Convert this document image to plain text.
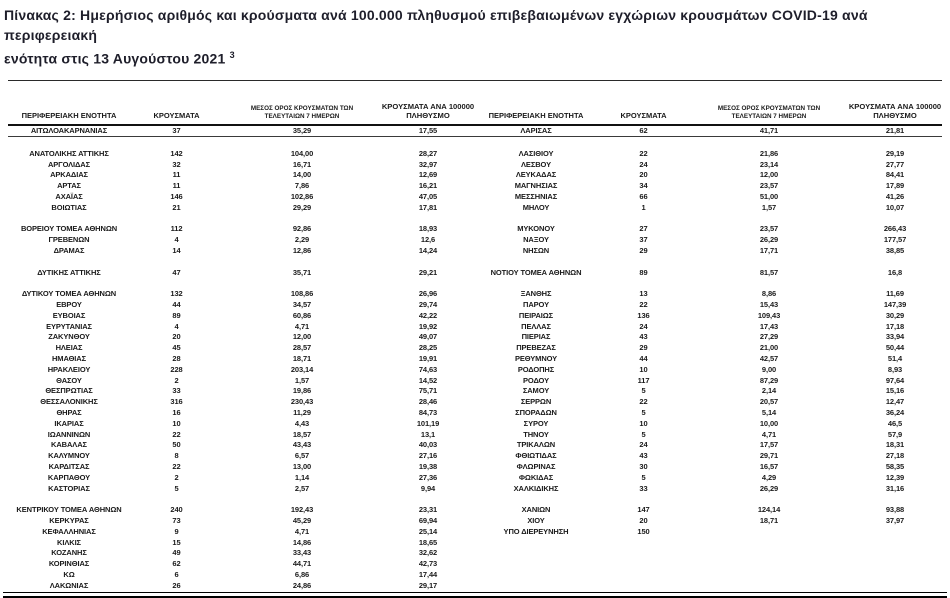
Πίνακας 2: Ημερήσιος αριθμός και κρούσματα ανά 100.000 πληθυσμού επιβεβαιωμένων εγχώριων κρουσμάτων COVID-19 ανά περιφερειακή
ενότητα στις 13 Αυγούστου 2021 $^3$
ΠΕΡΙΦΕΡΕΙΑΚΗ ΕΝΟΤΗΤΑ	ΚΡΟΥΣΜΑΤΑ	ΜΕΣΟΣ ΟΡΟΣ ΚΡΟΥΣΜΑΤΩΝ ΤΩΝ ΤΕΛΕΥΤΑΙΩΝ 7 ΗΜΕΡΩΝ	ΚΡΟΥΣΜΑΤΑ ΑΝΑ 100000 ΠΛΗΘΥΣΜΟ	ΠΕΡΙΦΕΡΕΙΑΚΗ ΕΝΟΤΗΤΑ	ΚΡΟΥΣΜΑΤΑ	ΜΕΣΟΣ ΟΡΟΣ ΚΡΟΥΣΜΑΤΩΝ ΤΩΝ ΤΕΛΕΥΤΑΙΩΝ 7 ΗΜΕΡΩΝ	ΚΡΟΥΣΜΑΤΑ ΑΝΑ 100000 ΠΛΗΘΥΣΜΟ

ΑΙΤΩΛΟΑΚΑΡΝΑΝΙΑΣ	37	35,29	17,55	ΛΑΡΙΣΑΣ	62	41,71	21,81

ΑΝΑΤΟΛΙΚΗΣ ΑΤΤΙΚΗΣ	142	104,00	28,27	ΛΑΣΙΘΙΟΥ	22	21,86	29,19
ΑΡΓΟΛΙΔΑΣ	32	16,71	32,97	ΛΕΣΒΟΥ	24	23,14	27,77
ΑΡΚΑΔΙΑΣ	11	14,00	12,69	ΛΕΥΚΑΔΑΣ	20	12,00	84,41
ΑΡΤΑΣ	11	7,86	16,21	ΜΑΓΝΗΣΙΑΣ	34	23,57	17,89
ΑΧΑΪΑΣ	146	102,86	47,05	ΜΕΣΣΗΝΙΑΣ	66	51,00	41,26
ΒΟΙΩΤΙΑΣ	21	29,29	17,81	ΜΗΛΟΥ	1	1,57	10,07

ΒΟΡΕΙΟΥ ΤΟΜΕΑ ΑΘΗΝΩΝ	112	92,86	18,93	ΜΥΚΟΝΟΥ	27	23,57	266,43
ΓΡΕΒΕΝΩΝ	4	2,29	12,6	ΝΑΞΟΥ	37	26,29	177,57
ΔΡΑΜΑΣ	14	12,86	14,24	ΝΗΣΩΝ	29	17,71	38,85

ΔΥΤΙΚΗΣ ΑΤΤΙΚΗΣ	47	35,71	29,21	ΝΟΤΙΟΥ ΤΟΜΕΑ ΑΘΗΝΩΝ	89	81,57	16,8

ΔΥΤΙΚΟΥ ΤΟΜΕΑ ΑΘΗΝΩΝ	132	108,86	26,96	ΞΑΝΘΗΣ	13	8,86	11,69
ΕΒΡΟΥ	44	34,57	29,74	ΠΑΡΟΥ	22	15,43	147,39
ΕΥΒΟΙΑΣ	89	60,86	42,22	ΠΕΙΡΑΙΩΣ	136	109,43	30,29
ΕΥΡΥΤΑΝΙΑΣ	4	4,71	19,92	ΠΕΛΛΑΣ	24	17,43	17,18
ΖΑΚΥΝΘΟΥ	20	12,00	49,07	ΠΙΕΡΙΑΣ	43	27,29	33,94
ΗΛΕΙΑΣ	45	28,57	28,25	ΠΡΕΒΕΖΑΣ	29	21,00	50,44
ΗΜΑΘΙΑΣ	28	18,71	19,91	ΡΕΘΥΜΝΟΥ	44	42,57	51,4
ΗΡΑΚΛΕΙΟΥ	228	203,14	74,63	ΡΟΔΟΠΗΣ	10	9,00	8,93
ΘΑΣΟΥ	2	1,57	14,52	ΡΟΔΟΥ	117	87,29	97,64
ΘΕΣΠΡΩΤΙΑΣ	33	19,86	75,71	ΣΑΜΟΥ	5	2,14	15,16
ΘΕΣΣΑΛΟΝΙΚΗΣ	316	230,43	28,46	ΣΕΡΡΩΝ	22	20,57	12,47
ΘΗΡΑΣ	16	11,29	84,73	ΣΠΟΡΑΔΩΝ	5	5,14	36,24
ΙΚΑΡΙΑΣ	10	4,43	101,19	ΣΥΡΟΥ	10	10,00	46,5
ΙΩΑΝΝΙΝΩΝ	22	18,57	13,1	ΤΗΝΟΥ	5	4,71	57,9
ΚΑΒΑΛΑΣ	50	43,43	40,03	ΤΡΙΚΑΛΩΝ	24	17,57	18,31
ΚΑΛΥΜΝΟΥ	8	6,57	27,16	ΦΘΙΩΤΙΔΑΣ	43	29,71	27,18
ΚΑΡΔΙΤΣΑΣ	22	13,00	19,38	ΦΛΩΡΙΝΑΣ	30	16,57	58,35
ΚΑΡΠΑΘΟΥ	2	1,14	27,36	ΦΩΚΙΔΑΣ	5	4,29	12,39
ΚΑΣΤΟΡΙΑΣ	5	2,57	9,94	ΧΑΛΚΙΔΙΚΗΣ	33	26,29	31,16

ΚΕΝΤΡΙΚΟΥ ΤΟΜΕΑ ΑΘΗΝΩΝ	240	192,43	23,31	ΧΑΝΙΩΝ	147	124,14	93,88
ΚΕΡΚΥΡΑΣ	73	45,29	69,94	ΧΙΟΥ	20	18,71	37,97
ΚΕΦΑΛΛΗΝΙΑΣ	9	4,71	25,14	ΥΠΟ ΔΙΕΡΕΥΝΗΣΗ	150		
ΚΙΛΚΙΣ	15	14,86	18,65				
ΚΟΖΑΝΗΣ	49	33,43	32,62				
ΚΟΡΙΝΘΙΑΣ	62	44,71	42,73				
ΚΩ	6	6,86	17,44				
ΛΑΚΩΝΙΑΣ	26	24,86	29,17				
